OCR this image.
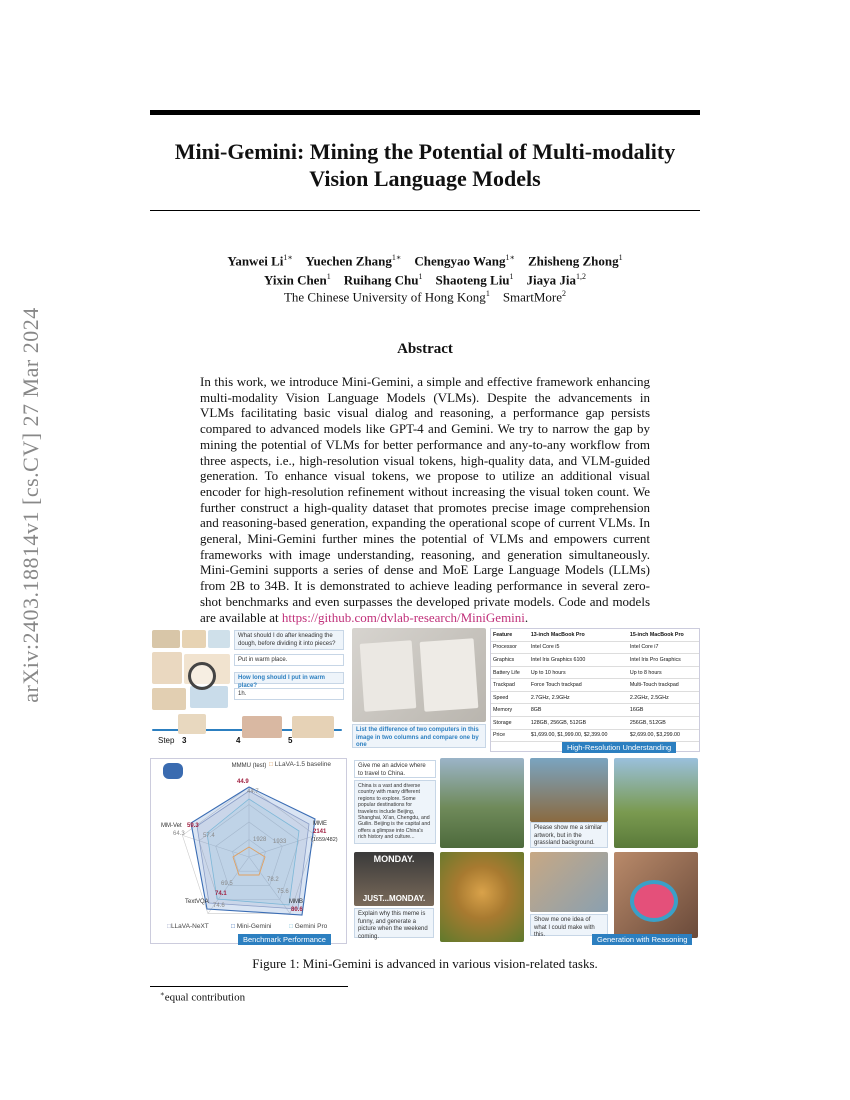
arXiv:2403.18814v1 [cs.CV] 27 Mar 2024
Mini-Gemini: Mining the Potential of Multi-modality
Vision Language Models
Yanwei $Li^{1∗}$ Yuechen Zhang$^{1∗}$ Chengyao Wang$^{1∗}$ Zhisheng Zhong$^1$
Yixin Chen$^1$ Ruihang Chu$^1$ Shaoteng Liu$^1$ Jiaya Jia$^{1,2}$
The Chinese University of Hong Kong$^1$ SmartMore$^2$
Abstract
In this work, we introduce Mini-Gemini, a simple and effective framework enhancing multi-modality Vision Language Models (VLMs). Despite the advancements in VLMs facilitating basic visual dialog and reasoning, a performance gap persists compared to advanced models like GPT-4 and Gemini. We try to narrow the gap by mining the potential of VLMs for better performance and any-to-any workflow from three aspects, i.e., high-resolution visual tokens, high-quality data, and VLM-guided generation. To enhance visual tokens, we propose to utilize an additional visual encoder for high-resolution refinement without increasing the visual token count. We further construct a high-quality dataset that promotes precise image comprehension and reasoning-based generation, expanding the operational scope of current VLMs. In general, Mini-Gemini further mines the potential of VLMs and empowers current frameworks with image understanding, reasoning, and generation simultaneously. Mini-Gemini supports a series of dense and MoE Large Language Models (LLMs) from 2B to 34B. It is demonstrated to achieve leading performance in several zero-shot benchmarks and even surpasses the developed private models. Code and models are available at https://github.com/dvlab-research/MiniGemini.
What should I do after kneading the dough, before dividing it into pieces?
Put in warm place.
How long should I put in warm place?
1h.
Step 3	4	5
List the difference of two computers in this image in two columns and compare one by one
Feature	13-inch MacBook Pro	15-inch MacBook Pro
Processor	Intel Core i5	Intel Core i7
Graphics	Intel Iris Graphics 6100	Intel Iris Pro Graphics
Battery Life	Up to 10 hours	Up to 8 hours
Trackpad	Force Touch trackpad	Multi-Touch trackpad
Speed	2.7GHz, 2.9GHz	2.2GHz, 2.5GHz
Memory	8GB	16GB
Storage	128GB, 256GB, 512GB	256GB, 512GB
Price	$1,699.00, $1,999.00, $2,399.00	$2,699.00, $3,299.00
High-Resolution Understanding
□ LLaVA-1.5 baseline
MMMU (test)
44.9
44.7
MME
2141
(1659/482)
1928 1933
MMB
80.6
75.6
78.2
TextVQA
74.1
74.6
69.5
MM-Vet 59.3
64.3	57.4
□LLaVA-NeXT	□ Mini-Gemini	□ Gemini Pro
Benchmark Performance
Give me an advice where to travel to China.
China is a vast and diverse country with many different regions to explore. Some popular destinations for travelers include Beijing, Shanghai, Xi'an, Chengdu, and Guilin. Beijing is the capital and offers a glimpse into China's rich history and culture...
Please show me a similar artwork, but in the grassland background.
MONDAY.
JUST...MONDAY.
Explain why this meme is funny, and generate a picture when the weekend coming.
Show me one idea of what I could make with this.	Generation with Reasoning
Figure 1: Mini-Gemini is advanced in various vision-related tasks.
∗equal contribution
